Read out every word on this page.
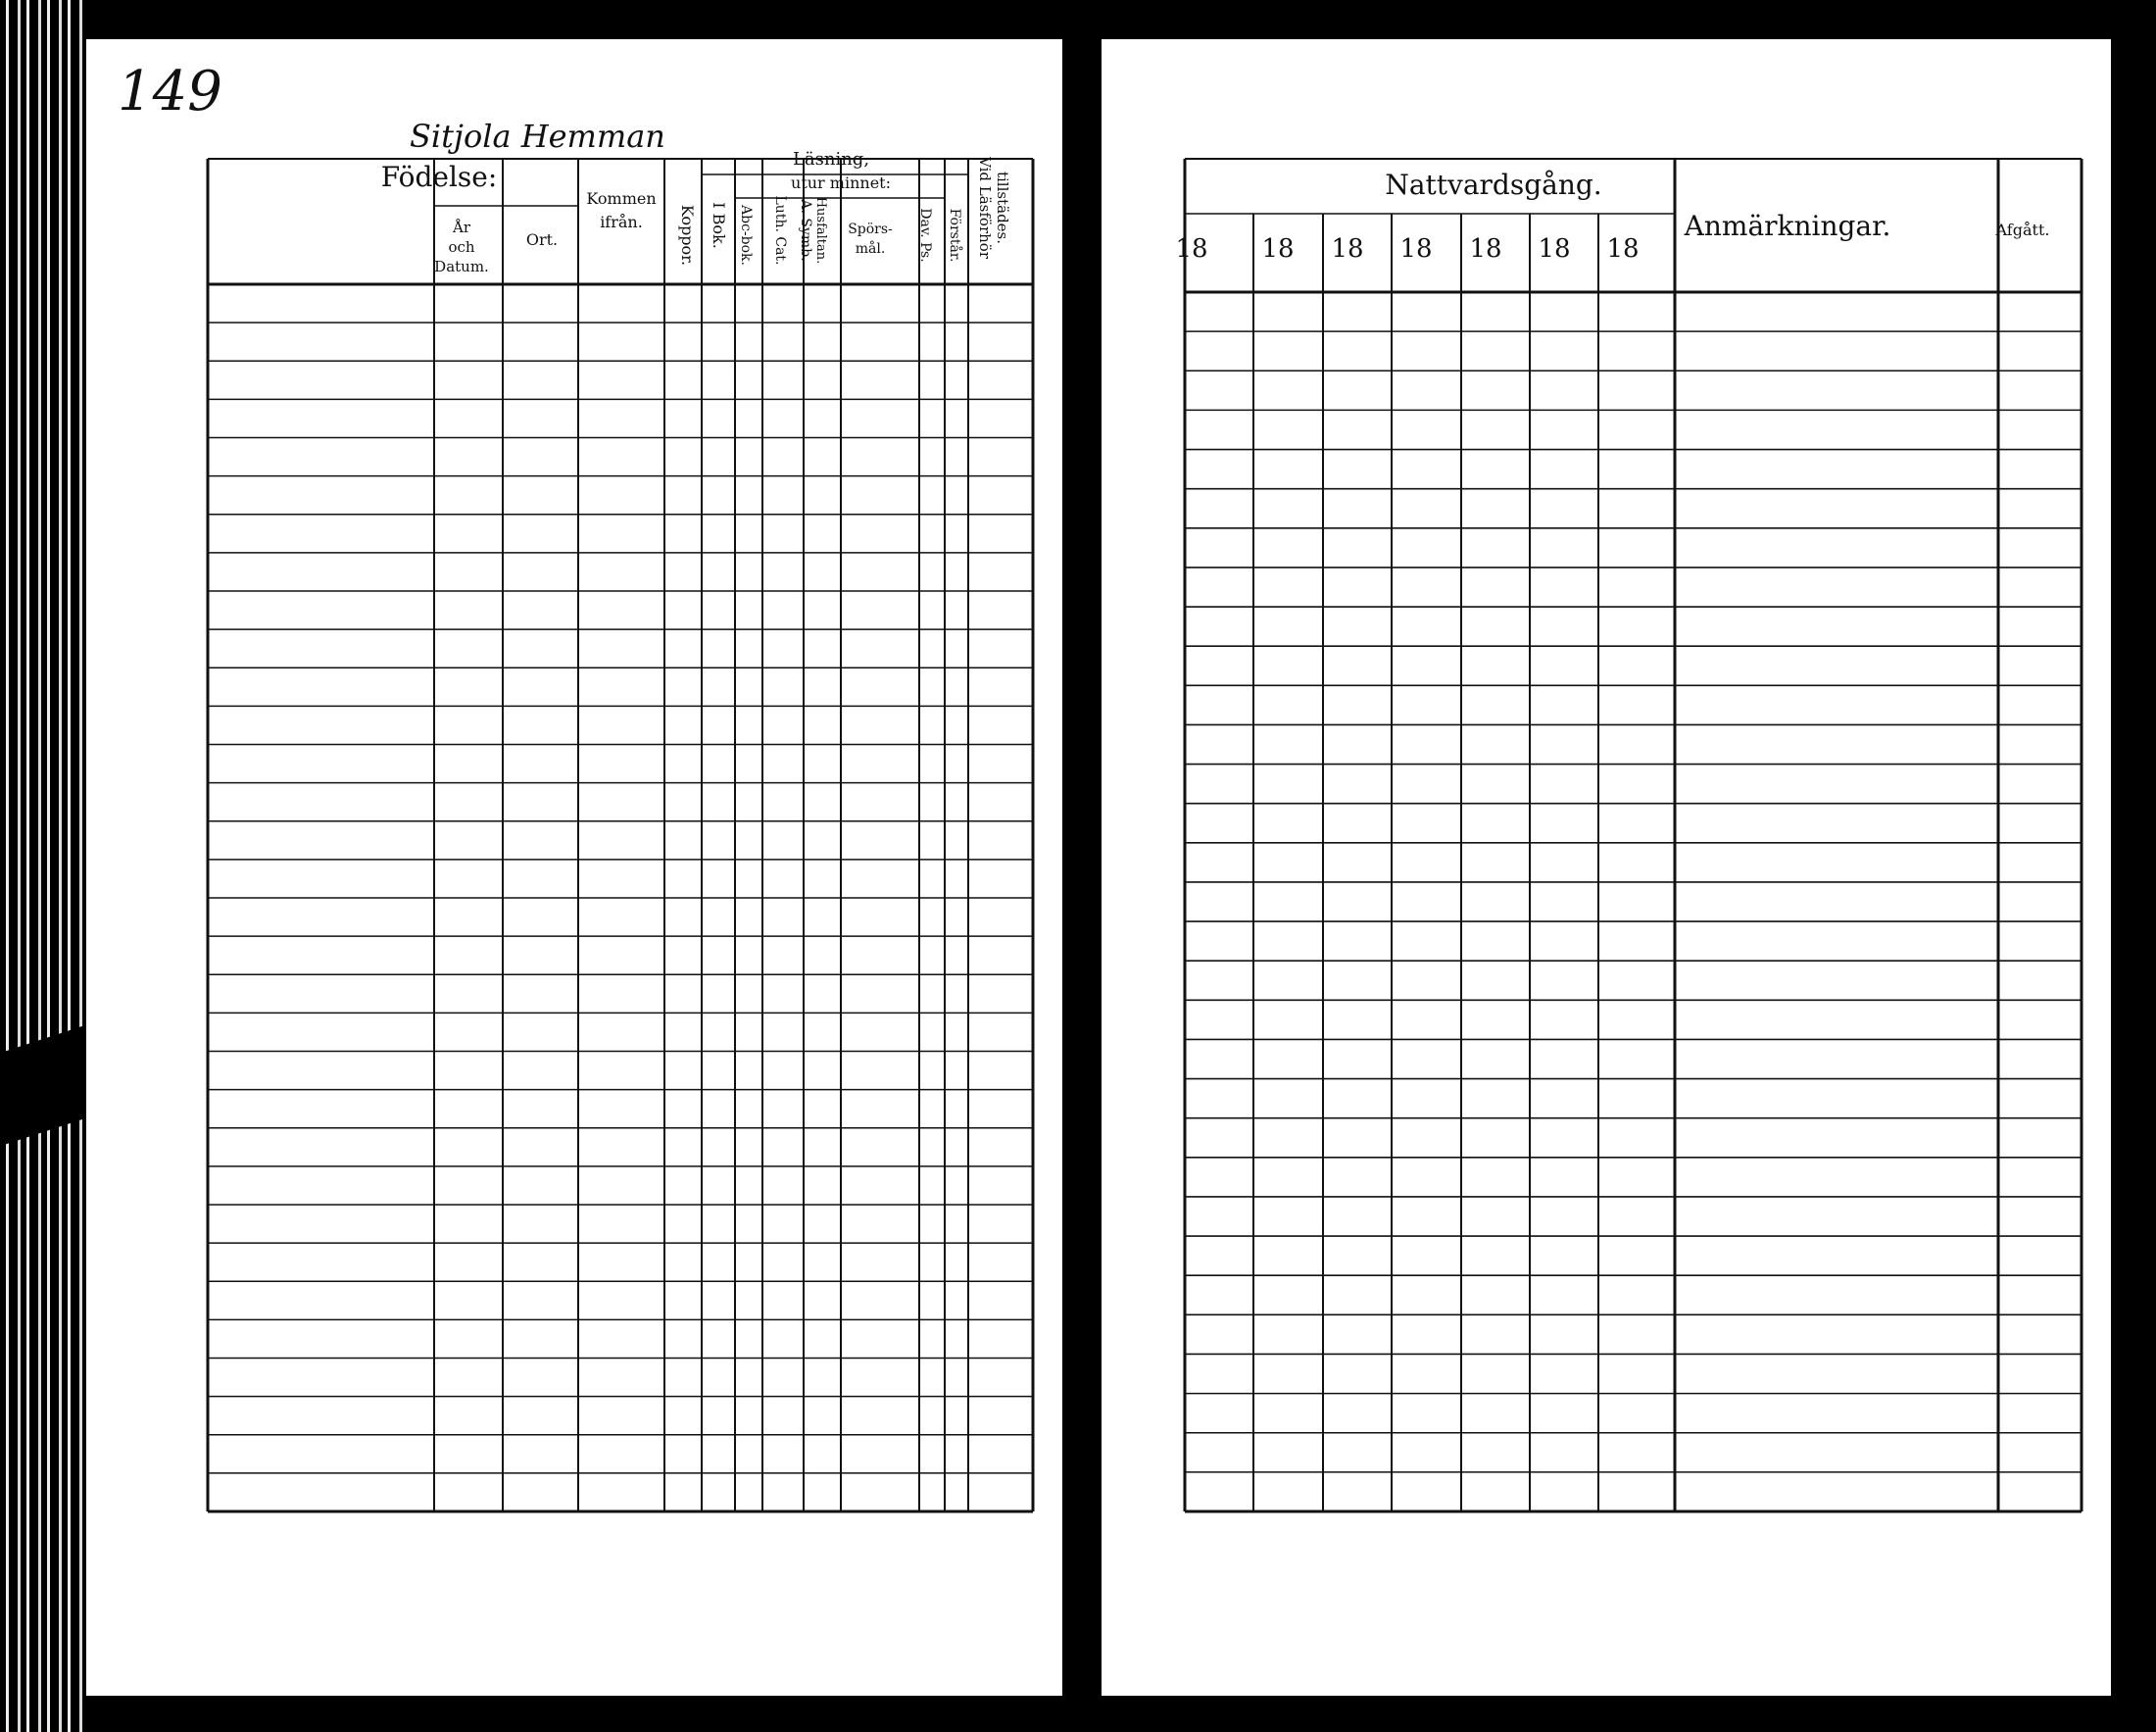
149
Sitjola Hemman
Födelse:
År
och
Datum.
Ort.
Kommen
ifrån. Koppor.
Läsning,
utur minnet:
I Bok. Abc-bok. Luth. Cat. A. Symb. Husfaltan. Spörs-
mål. Dav. Ps. Förstår. Vid Läsförhör tillstädes.	Nattvardsgång.
18 18 18 18 18 18 18
Anmärkningar.	Afgått.
